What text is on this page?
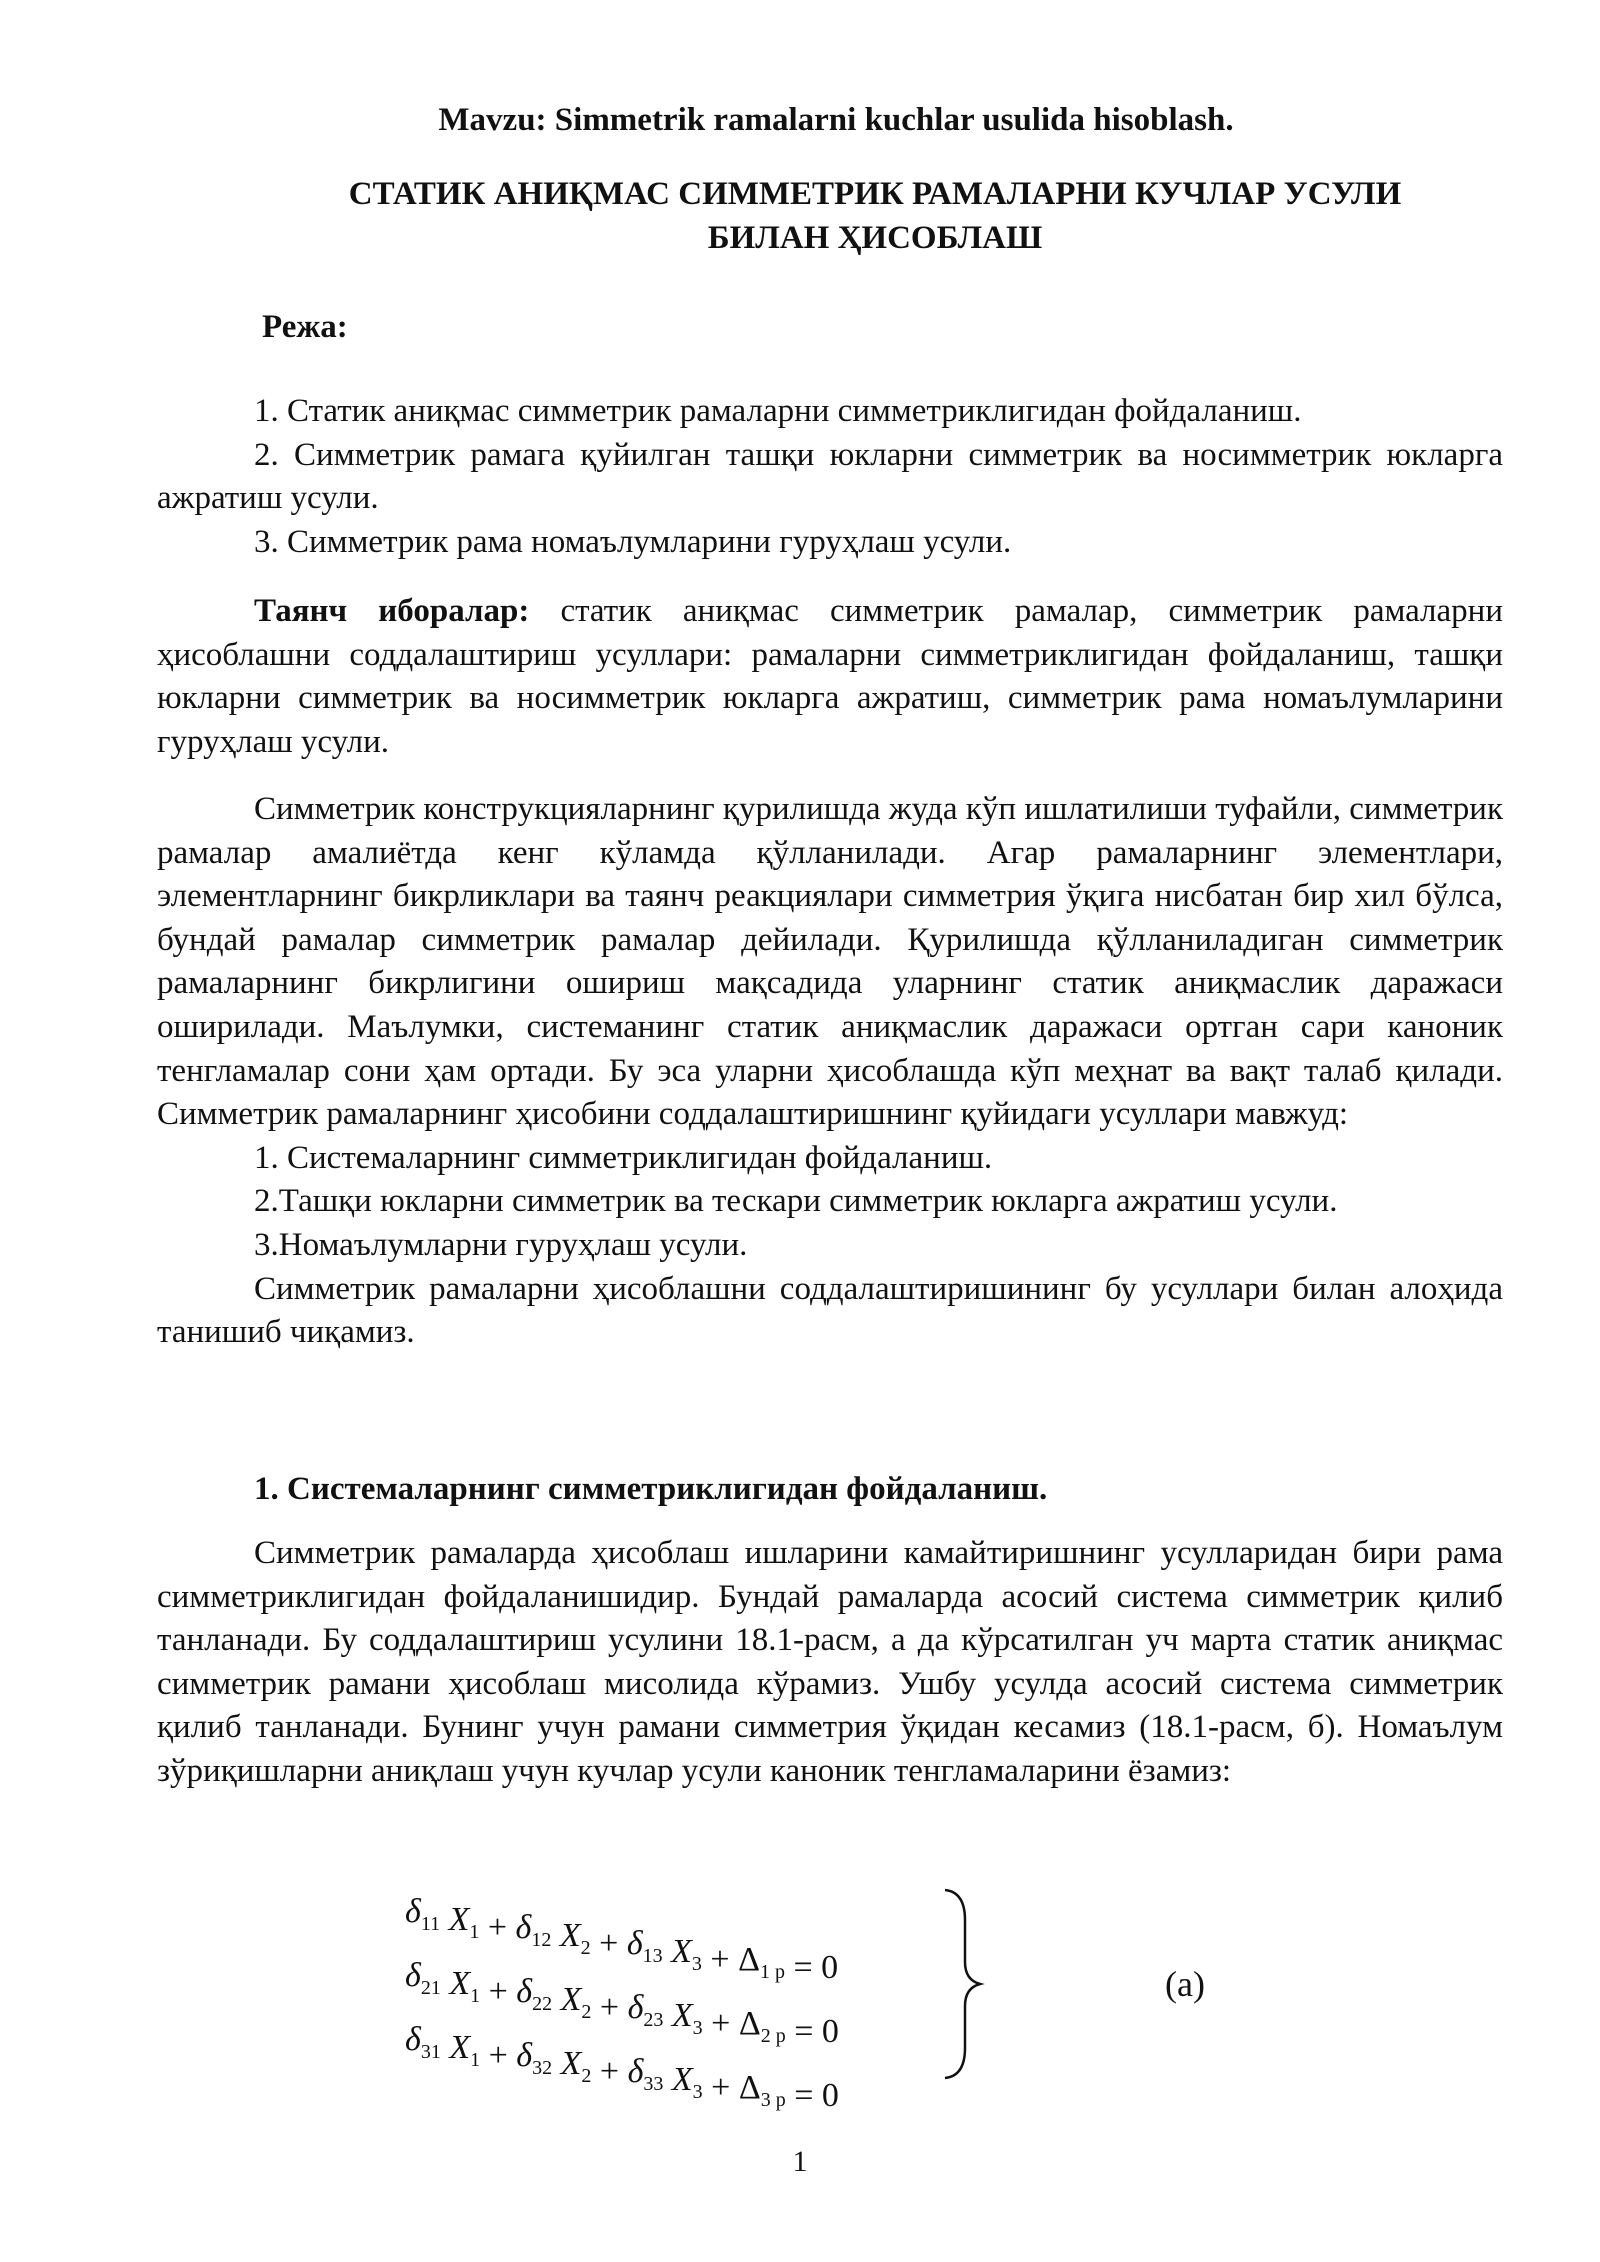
Mavzu: Simmetrik ramalarni kuchlar usulida hisoblash.
СТАТИК АНИҚМАС СИММЕТРИК РАМАЛАРНИ КУЧЛАР УСУЛИ
БИЛАН ҲИСОБЛАШ
Режа:

1. Статик аниқмас симметрик рамаларни симметриклигидан фойдаланиш.

2. Симметрик рамага қуйилган ташқи юкларни симметрик ва носимметрик юкларга ажратиш усули.

3. Симметрик рама номаълумларини гуруҳлаш усули.

Таянч иборалар: статик аниқмас симметрик рамалар, симметрик рамаларни ҳисоблашни соддалаштириш усуллари: рамаларни симметриклигидан фойдаланиш, ташқи юкларни симметрик ва носимметрик юкларга ажратиш, симметрик рама номаълумларини гуруҳлаш усули.

Симметрик конструкцияларнинг қурилишда жуда кўп ишлатилиши туфайли, симметрик рамалар амалиётда кенг кўламда қўлланилади. Агар рамаларнинг элементлари, элементларнинг бикрликлари ва таянч реакциялари симметрия ўқига нисбатан бир хил бўлса, бундай рамалар симметрик рамалар дейилади. Қурилишда қўлланиладиган симметрик рамаларнинг бикрлигини ошириш мақсадида уларнинг статик аниқмаслик даражаси оширилади. Маълумки, системанинг статик аниқмаслик даражаси ортган сари каноник тенгламалар сони ҳам ортади. Бу эса уларни ҳисоблашда кўп меҳнат ва вақт талаб қилади. Симметрик рамаларнинг ҳисобини соддалаштиришнинг қуйидаги усуллари мавжуд:

1. Системаларнинг симметриклигидан фойдаланиш.

2.Ташқи юкларни симметрик ва тескари симметрик юкларга ажратиш усули.

3.Номаълумларни гуруҳлаш усули.

Симметрик рамаларни ҳисоблашни соддалаштиришининг бу усуллари билан алоҳида танишиб чиқамиз.

1. Системаларнинг симметриклигидан фойдаланиш.

Симметрик рамаларда ҳисоблаш ишларини камайтиришнинг усулларидан бири рама симметриклигидан фойдаланишидир. Бундай рамаларда асосий система симметрик қилиб танланади. Бу соддалаштириш усулини 18.1-расм, а да кўрсатилган уч марта статик аниқмас симметрик рамани ҳисоблаш мисолида кўрамиз. Ушбу усулда асосий система симметрик қилиб танланади. Бунинг учун рамани симметрия ўқидан кесамиз (18.1-расм, б). Номаълум зўриқишларни аниқлаш учун кучлар усули каноник тенгламаларини ёзамиз:

$\delta_{11}$ $X_1 + \delta_{12}$ $X_2 + \delta_{13}$ $X_3 + \Delta_{1 p} = 0$
$\delta_{21}$ $X_1 + \delta_{22}$ $X_2 + \delta_{23}$ $X_3 + \Delta_{2 p} = 0$
$\delta_{31}$ $X_1 + \delta_{32}$ $X_2 + \delta_{33}$ $X_3 + \Delta_{3 p} = 0$
(a)
1
